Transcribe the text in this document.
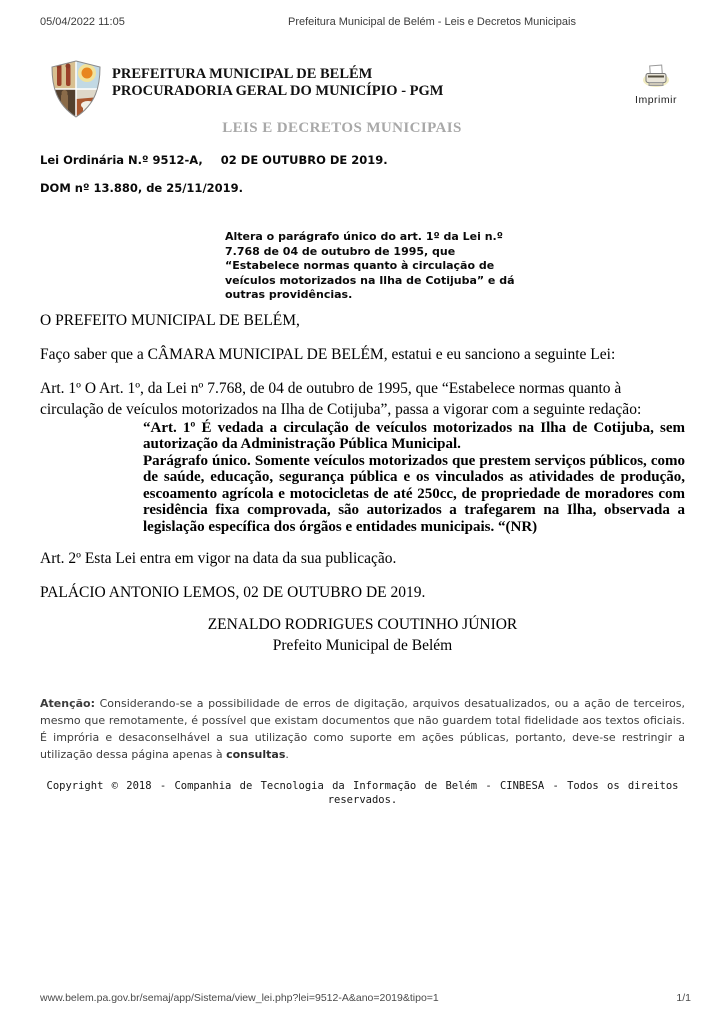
05/04/2022 11:05	Prefeitura Municipal de Belém - Leis e Decretos Municipais
PREFEITURA MUNICIPAL DE BELÉM
PROCURADORIA GERAL DO MUNICÍPIO - PGM
Imprimir
LEIS E DECRETOS MUNICIPAIS
Lei Ordinária N.º 9512-A, 02 DE OUTUBRO DE 2019.
DOM nº 13.880, de 25/11/2019.
Altera o parágrafo único do art. 1º da Lei n.º 7.768 de 04 de outubro de 1995, que “Estabelece normas quanto à circulação de veículos motorizados na Ilha de Cotijuba” e dá outras providências.

O PREFEITO MUNICIPAL DE BELÉM,

Faço saber que a CÂMARA MUNICIPAL DE BELÉM, estatui e eu sanciono a seguinte Lei:

Art. 1º O Art. 1º, da Lei nº 7.768, de 04 de outubro de 1995, que “Estabelece normas quanto à circulação de veículos motorizados na Ilha de Cotijuba”, passa a vigorar com a seguinte redação:

“Art. 1º É vedada a circulação de veículos motorizados na Ilha de Cotijuba, sem autorização da Administração Pública Municipal.

Parágrafo único. Somente veículos motorizados que prestem serviços públicos, como de saúde, educação, segurança pública e os vinculados as atividades de produção, escoamento agrícola e motocicletas de até 250cc, de propriedade de moradores com residência fixa comprovada, são autorizados a trafegarem na Ilha, observada a legislação específica dos órgãos e entidades municipais. “(NR)

Art. 2º Esta Lei entra em vigor na data da sua publicação.

PALÁCIO ANTONIO LEMOS, 02 DE OUTUBRO DE 2019.

ZENALDO RODRIGUES COUTINHO JÚNIOR
Prefeito Municipal de Belém

Atenção: Considerando-se a possibilidade de erros de digitação, arquivos desatualizados, ou a ação de terceiros, mesmo que remotamente, é possível que existam documentos que não guardem total fidelidade aos textos oficiais. É imprória e desaconselhável a sua utilização como suporte em ações públicas, portanto, deve-se restringir a utilização dessa página apenas à consultas.

Copyright © 2018 - Companhia de Tecnologia da Informação de Belém - CINBESA - Todos os direitos reservados.

www.belem.pa.gov.br/semaj/app/Sistema/view_lei.php?lei=9512-A&ano=2019&tipo=1	1/1
